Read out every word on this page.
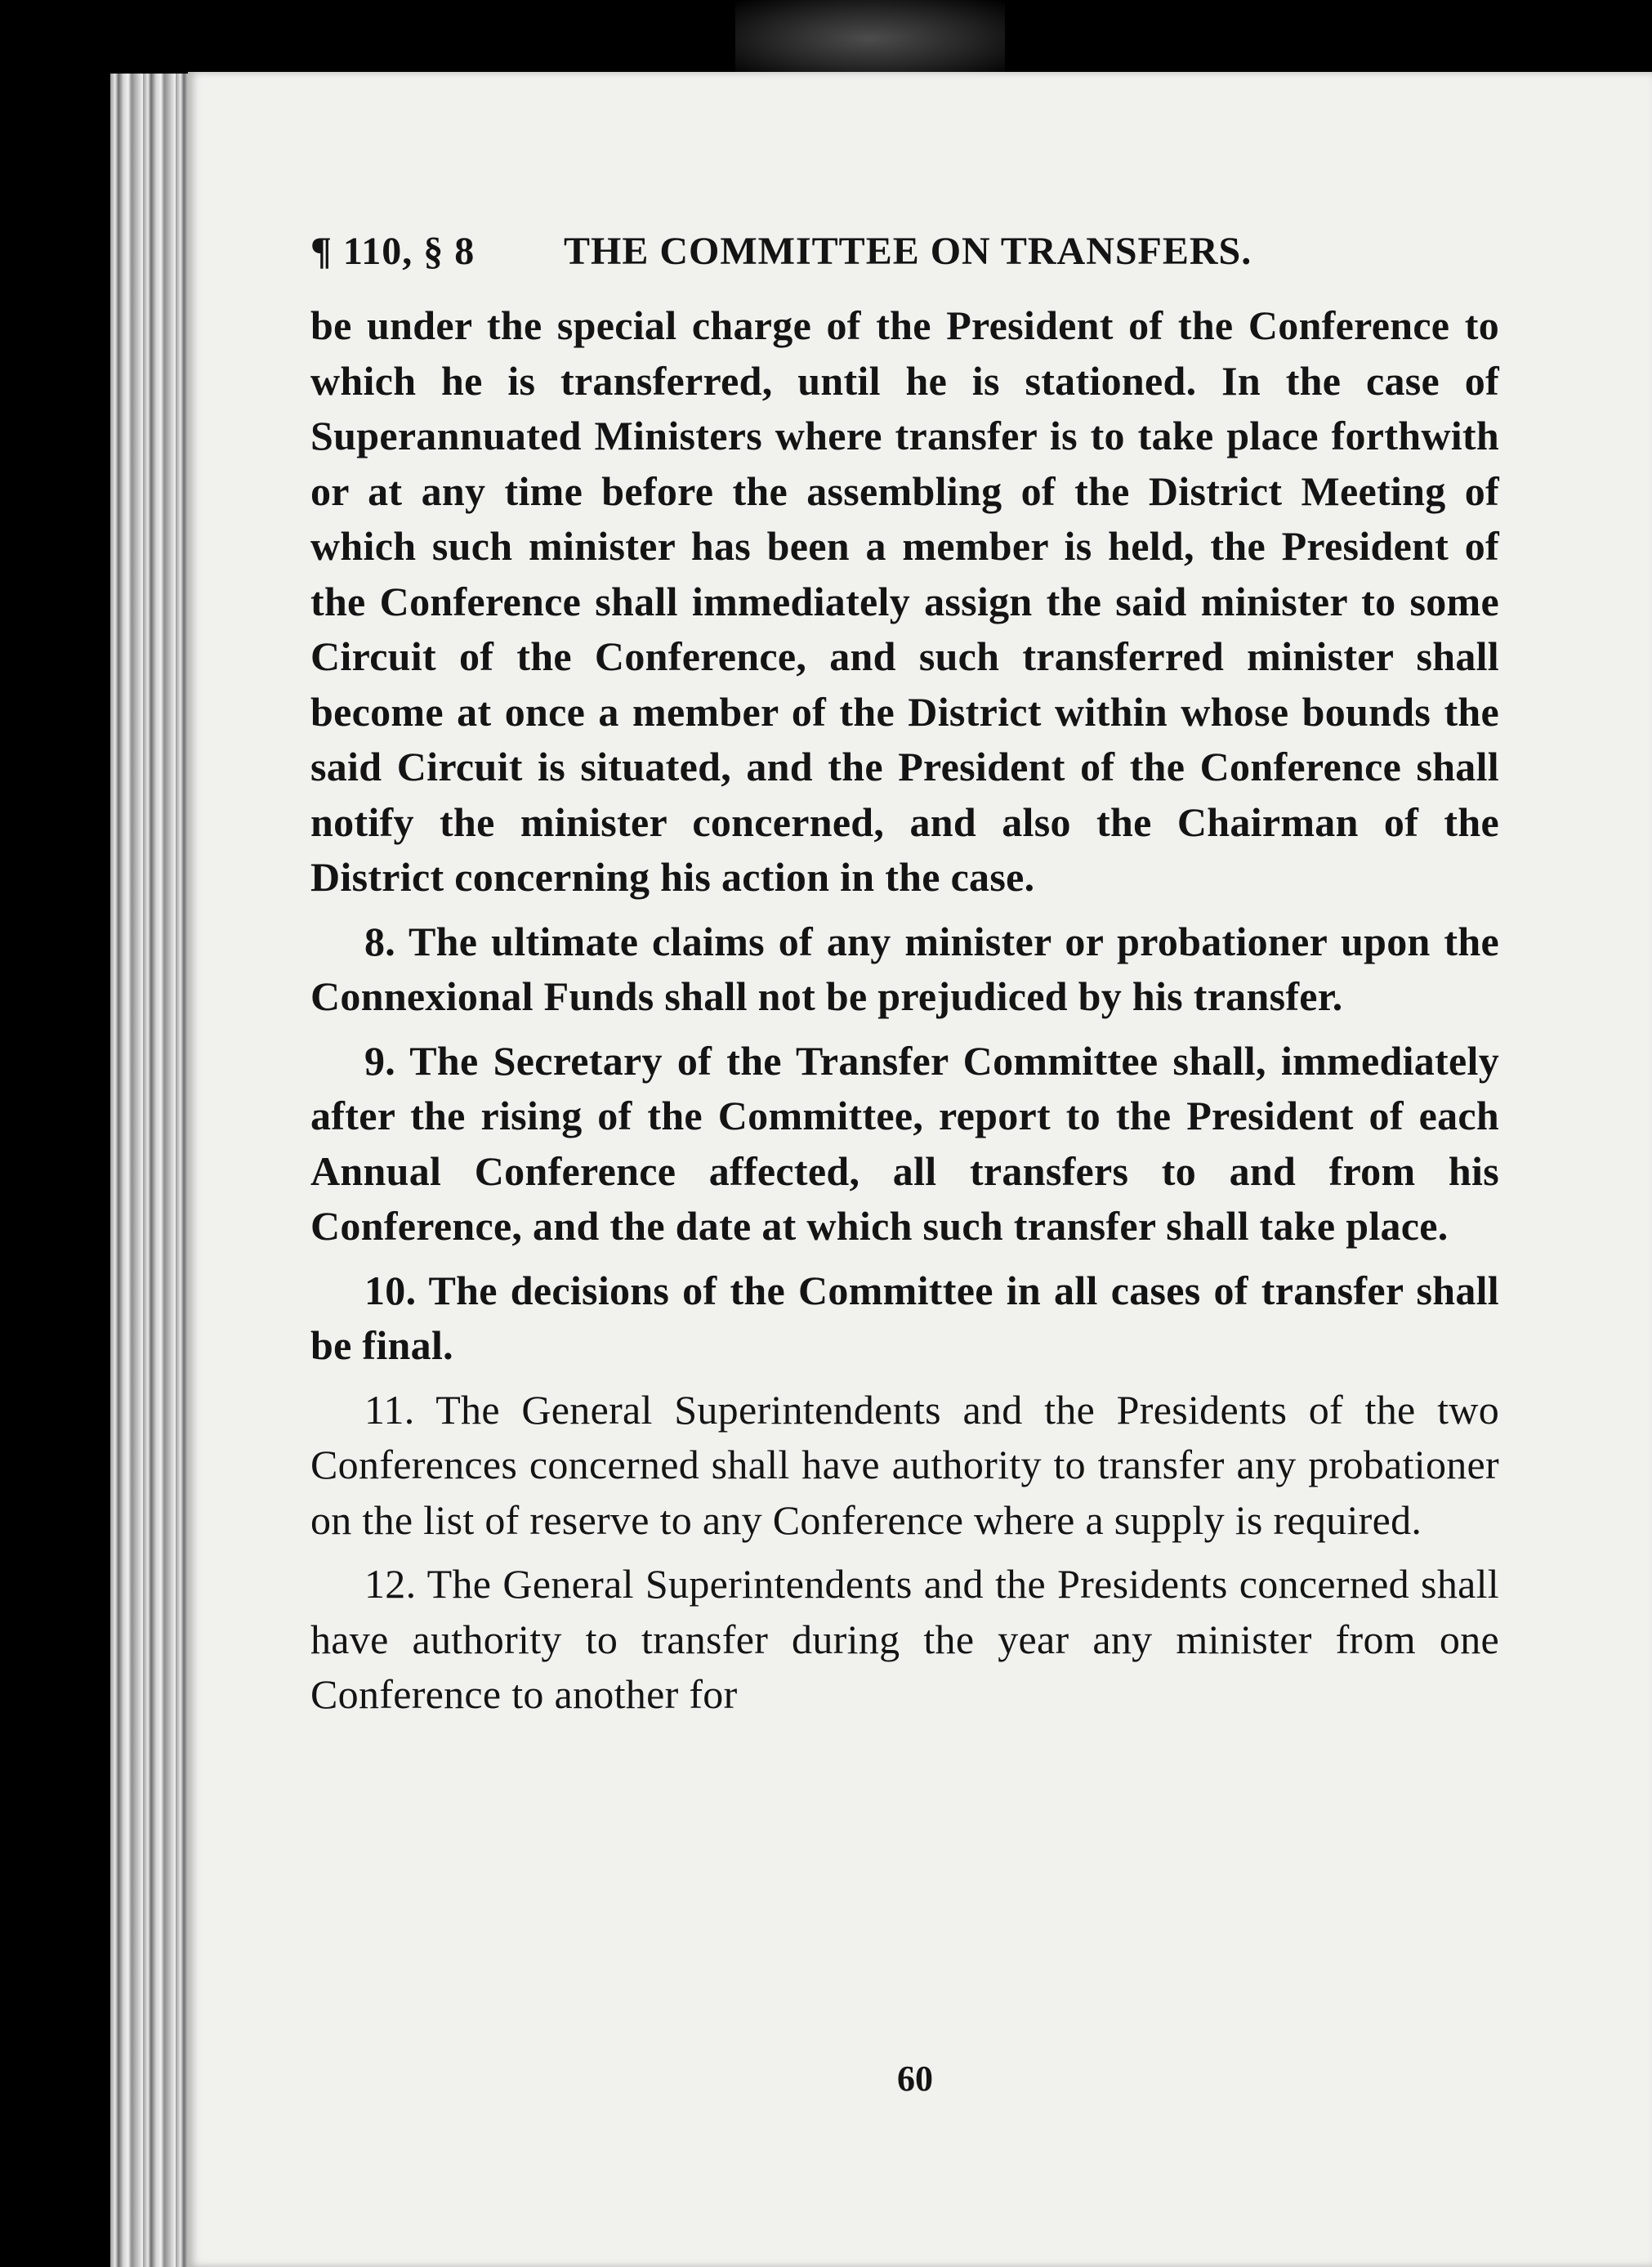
¶ 110, § 8	THE COMMITTEE ON TRANSFERS.

be under the special charge of the President of the Conference to which he is transferred, until he is stationed. In the case of Superannuated Ministers where transfer is to take place forthwith or at any time before the assembling of the District Meeting of which such minister has been a member is held, the President of the Conference shall immediately assign the said minister to some Circuit of the Conference, and such transferred minister shall become at once a member of the District within whose bounds the said Circuit is situated, and the President of the Conference shall notify the minister concerned, and also the Chairman of the District concerning his action in the case.

8. The ultimate claims of any minister or probationer upon the Connexional Funds shall not be prejudiced by his transfer.

9. The Secretary of the Transfer Committee shall, immediately after the rising of the Committee, report to the President of each Annual Conference affected, all transfers to and from his Conference, and the date at which such transfer shall take place.

10. The decisions of the Committee in all cases of transfer shall be final.

11. The General Superintendents and the Presidents of the two Conferences concerned shall have authority to transfer any probationer on the list of reserve to any Conference where a supply is required.

12. The General Superintendents and the Presidents concerned shall have authority to transfer during the year any minister from one Conference to another for

60
